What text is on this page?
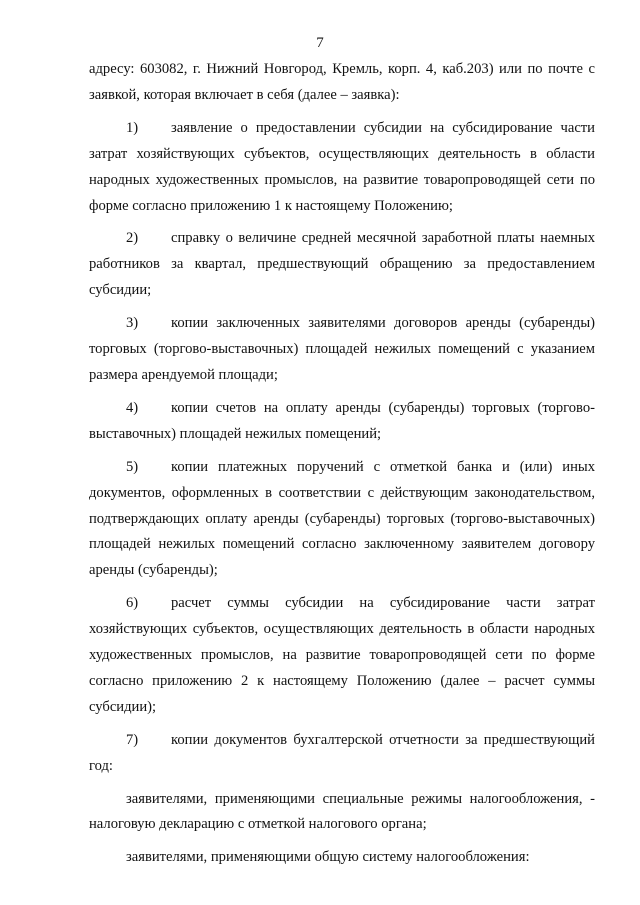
7

адресу: 603082, г. Нижний Новгород, Кремль, корп. 4, каб.203) или по почте с заявкой, которая включает в себя (далее – заявка):

1) заявление о предоставлении субсидии на субсидирование части затрат хозяйствующих субъектов, осуществляющих деятельность в области народных художественных промыслов, на развитие товаропроводящей сети по форме согласно приложению 1 к настоящему Положению;

2) справку о величине средней месячной заработной платы наемных работников за квартал, предшествующий обращению за предоставлением субсидии;

3) копии заключенных заявителями договоров аренды (субаренды) торговых (торгово-выставочных) площадей нежилых помещений с указанием размера арендуемой площади;

4) копии счетов на оплату аренды (субаренды) торговых (торгово-выставочных) площадей нежилых помещений;

5) копии платежных поручений с отметкой банка и (или) иных документов, оформленных в соответствии с действующим законодательством, подтверждающих оплату аренды (субаренды) торговых (торгово-выставочных) площадей нежилых помещений согласно заключенному заявителем договору аренды (субаренды);

6) расчет суммы субсидии на субсидирование части затрат хозяйствующих субъектов, осуществляющих деятельность в области народных художественных промыслов, на развитие товаропроводящей сети по форме согласно приложению 2 к настоящему Положению (далее – расчет суммы субсидии);

7) копии документов бухгалтерской отчетности за предшествующий год:

заявителями, применяющими специальные режимы налогообложения, - налоговую декларацию с отметкой налогового органа;

заявителями, применяющими общую систему налогообложения:
